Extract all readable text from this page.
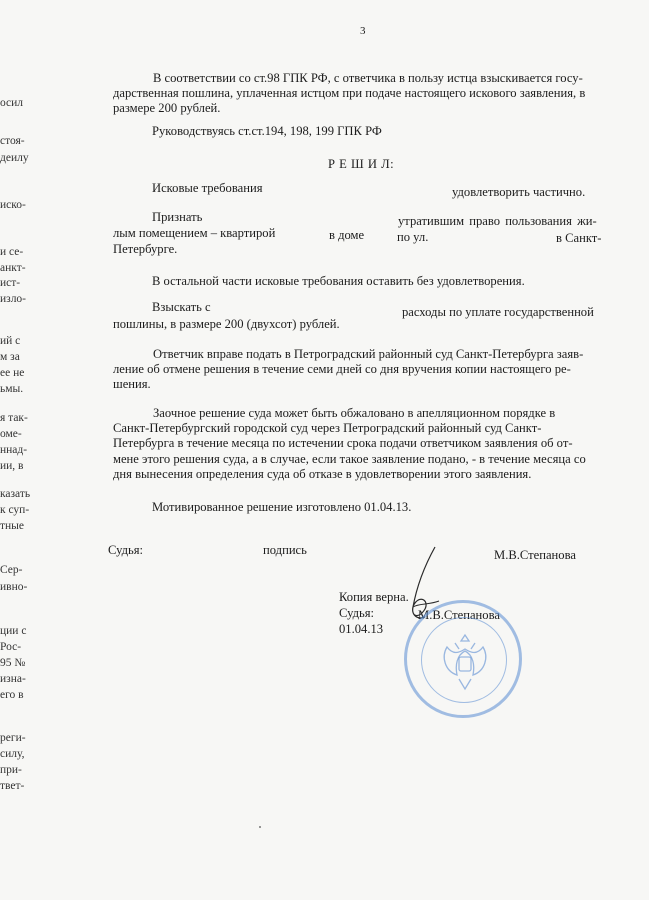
осил
стоя-
деилу
иско-
и се-
анкт-
ист-
изло-
ий с
м за
ее не
ьмы.
я так-
оме-
ннад-
ии, в
казать
к суп-
тные
Сер-
ивно-
ции с
Рос-
95 №
изна-
его в
реги-
силу,
при-
твет-
3
В соответствии со ст.98 ГПК РФ, с ответчика в пользу истца взыскивается госу-
дарственная пошлина, уплаченная истцом при подаче настоящего искового заявления, в
размере 200 рублей.
Руководствуясь ст.ст.194, 198, 199 ГПК РФ
Р Е Ш И Л:
Исковые требования	удовлетворить частично.
Признать	утратившим право пользования жи-
лым помещением – квартирой	в доме	по ул.	в Санкт-
Петербурге.
В остальной части исковые требования оставить без удовлетворения.
Взыскать с	расходы по уплате государственной
пошлины, в размере 200 (двухсот) рублей.
Ответчик вправе подать в Петроградский районный суд Санкт-Петербурга заяв-
ление об отмене решения в течение семи дней со дня вручения копии настоящего ре-
шения.
Заочное решение суда может быть обжаловано в апелляционном порядке в
Санкт-Петербургский городской суд через Петроградский районный суд Санкт-
Петербурга в течение месяца по истечении срока подачи ответчиком заявления об от-
мене этого решения суда, а в случае, если такое заявление подано, - в течение месяца со
дня вынесения определения суда об отказе в удовлетворении этого заявления.
Мотивированное решение изготовлено 01.04.13.
Судья:	подпись	М.В.Степанова
Копия верна.
Судья:	М.В.Степанова
01.04.13
